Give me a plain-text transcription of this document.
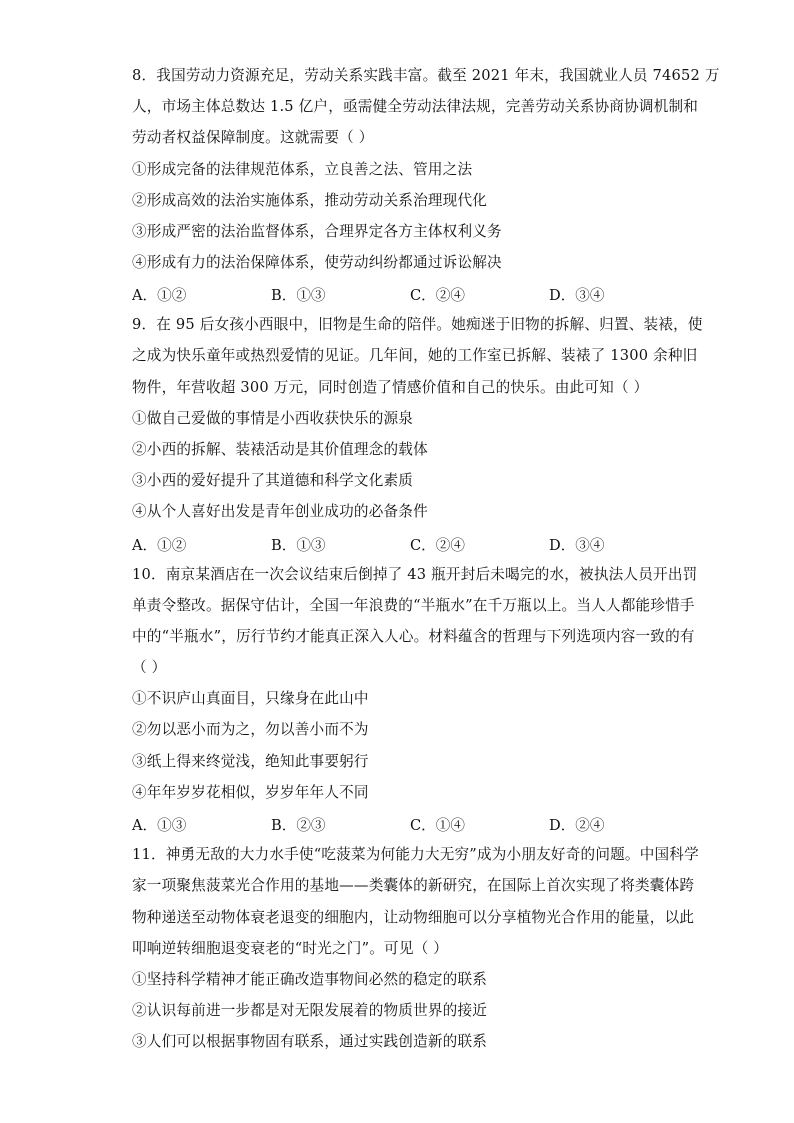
8．我国劳动力资源充足，劳动关系实践丰富。截至 2021 年末，我国就业人员 74652 万
人，市场主体总数达 1.5 亿户，亟需健全劳动法律法规，完善劳动关系协商协调机制和
劳动者权益保障制度。这就需要（ ）
①形成完备的法律规范体系，立良善之法、管用之法
②形成高效的法治实施体系，推动劳动关系治理现代化
③形成严密的法治监督体系，合理界定各方主体权利义务
④形成有力的法治保障体系，使劳动纠纷都通过诉讼解决
A．①②	B．①③	C．②④	D．③④
9．在 95 后女孩小西眼中，旧物是生命的陪伴。她痴迷于旧物的拆解、归置、装裱，使
之成为快乐童年或热烈爱情的见证。几年间，她的工作室已拆解、装裱了 1300 余种旧
物件，年营收超 300 万元，同时创造了情感价值和自己的快乐。由此可知（ ）
①做自己爱做的事情是小西收获快乐的源泉
②小西的拆解、装裱活动是其价值理念的载体
③小西的爱好提升了其道德和科学文化素质
④从个人喜好出发是青年创业成功的必备条件
A．①②	B．①③	C．②④	D．③④
10．南京某酒店在一次会议结束后倒掉了 43 瓶开封后未喝完的水，被执法人员开出罚
单责令整改。据保守估计，全国一年浪费的“半瓶水”在千万瓶以上。当人人都能珍惜手
中的“半瓶水”，厉行节约才能真正深入人心。材料蕴含的哲理与下列选项内容一致的有
（ ）
①不识庐山真面目，只缘身在此山中
②勿以恶小而为之，勿以善小而不为
③纸上得来终觉浅，绝知此事要躬行
④年年岁岁花相似，岁岁年年人不同
A．①③	B．②③	C．①④	D．②④
11．神勇无敌的大力水手使“吃菠菜为何能力大无穷”成为小朋友好奇的问题。中国科学
家一项聚焦菠菜光合作用的基地——类囊体的新研究，在国际上首次实现了将类囊体跨
物种递送至动物体衰老退变的细胞内，让动物细胞可以分享植物光合作用的能量，以此
叩响逆转细胞退变衰老的“时光之门”。可见（ ）
①坚持科学精神才能正确改造事物间必然的稳定的联系
②认识每前进一步都是对无限发展着的物质世界的接近
③人们可以根据事物固有联系，通过实践创造新的联系
